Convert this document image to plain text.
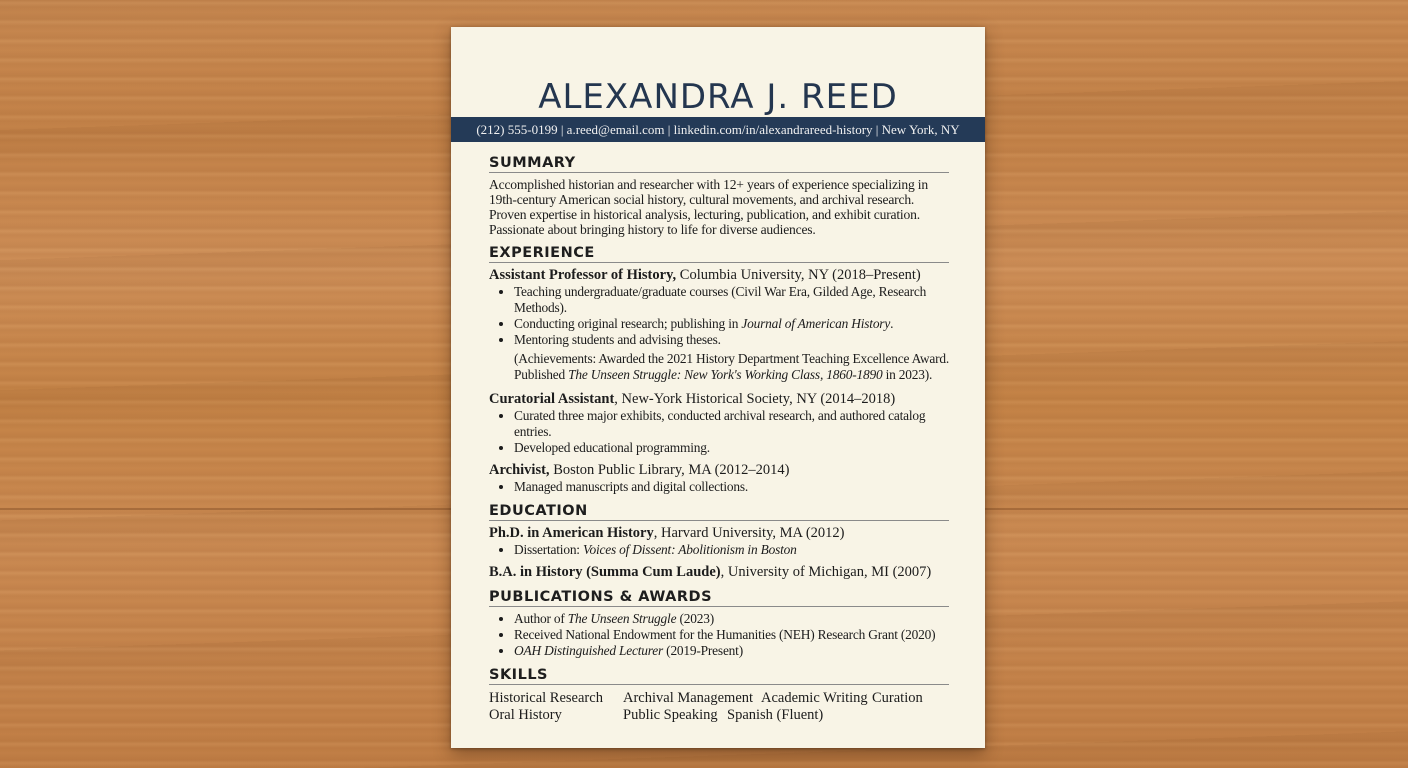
ALEXANDRA J. REED
(212) 555-0199 | a.reed@email.com | linkedin.com/in/alexandrareed-history | New York, NY
SUMMARY

Accomplished historian and researcher with 12+ years of experience specializing in 19th-century American social history, cultural movements, and archival research. Proven expertise in historical analysis, lecturing, publication, and exhibit curation. Passionate about bringing history to life for diverse audiences.

EXPERIENCE

Assistant Professor of History, Columbia University, NY (2018–Present)

• Teaching undergraduate/graduate courses (Civil War Era, Gilded Age, Research Methods).
• Conducting original research; publishing in Journal of American History.
• Mentoring students and advising theses.

(Achievements: Awarded the 2021 History Department Teaching Excellence Award. Published The Unseen Struggle: New York's Working Class, 1860-1890 in 2023).

Curatorial Assistant, New-York Historical Society, NY (2014–2018)

• Curated three major exhibits, conducted archival research, and authored catalog entries.
• Developed educational programming.

Archivist, Boston Public Library, MA (2012–2014)

• Managed manuscripts and digital collections.
EDUCATION

Ph.D. in American History, Harvard University, MA (2012)

• Dissertation: Voices of Dissent: Abolitionism in Boston

B.A. in History (Summa Cum Laude), University of Michigan, MI (2007)

PUBLICATIONS & AWARDS
• Author of The Unseen Struggle (2023)
• Received National Endowment for the Humanities (NEH) Research Grant (2020)
• OAH Distinguished Lecturer (2019-Present)
SKILLS
Historical Research Archival Management Academic Writing Curation
Oral History	Public Speaking Spanish (Fluent)
